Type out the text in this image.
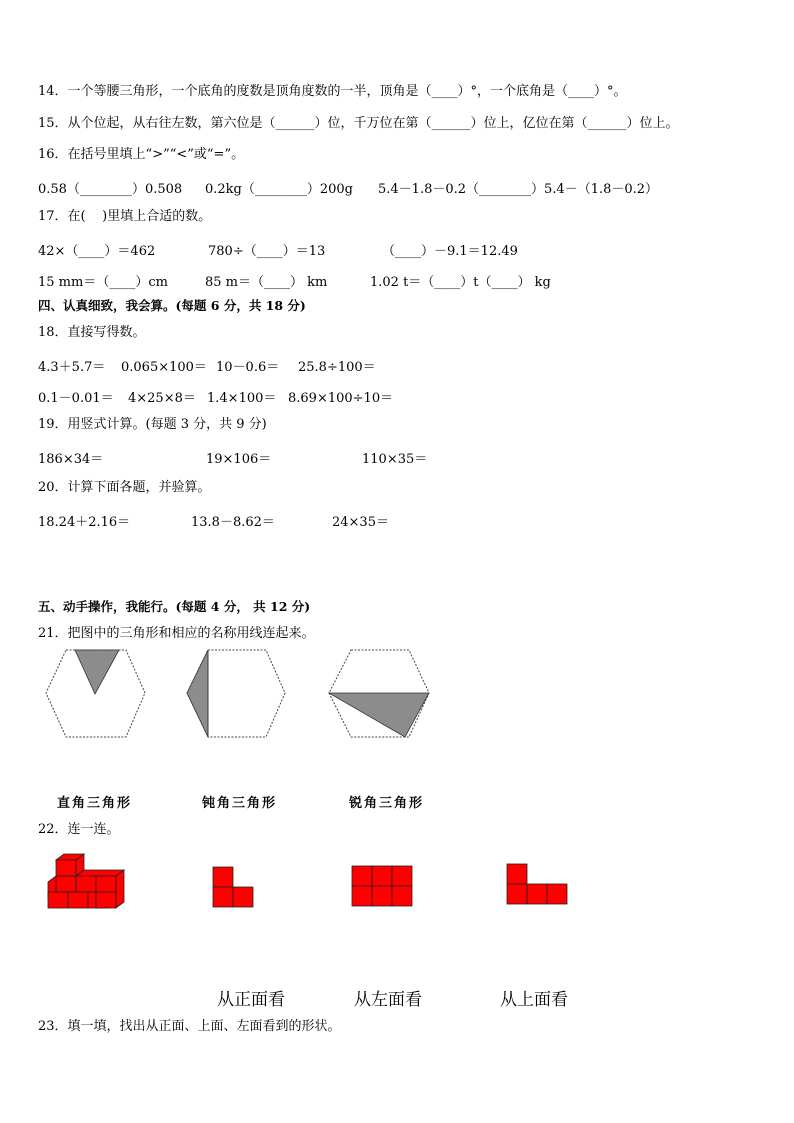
14．一个等腰三角形，一个底角的度数是顶角度数的一半，顶角是（____）°，一个底角是（____）°。
15．从个位起，从右往左数，第六位是（______）位，千万位在第（______）位上，亿位在第（______）位上。
16．在括号里填上“>”“<”或“=”。
0.58（________）0.508 0.2kg（________）200g 5.4－1.8－0.2（________）5.4－（1.8－0.2）
17．在(    )里填上合适的数。
42×（____）＝462	780÷（____）＝13	（____）－9.1＝12.49
15 mm＝（____）cm	85 m＝（____） km	1.02 t＝（____）t（____） kg
四、认真细致，我会算。(每题 6 分，共 18 分)
18．直接写得数。
4.3＋5.7＝ 0.065×100＝ 10－0.6＝ 25.8÷100＝
0.1－0.01＝ 4×25×8＝ 1.4×100＝ 8.69×100÷10＝
19．用竖式计算。(每题 3 分，共 9 分)
186×34＝	19×106＝	110×35＝
20．计算下面各题，并验算。
18.24＋2.16＝	13.8－8.62＝	24×35＝
五、动手操作，我能行。(每题 4 分， 共 12 分)
21．把图中的三角形和相应的名称用线连起来。
直角三角形	钝角三角形	锐角三角形
22．连一连。
从正面看	从左面看	从上面看
23．填一填，找出从正面、上面、左面看到的形状。
